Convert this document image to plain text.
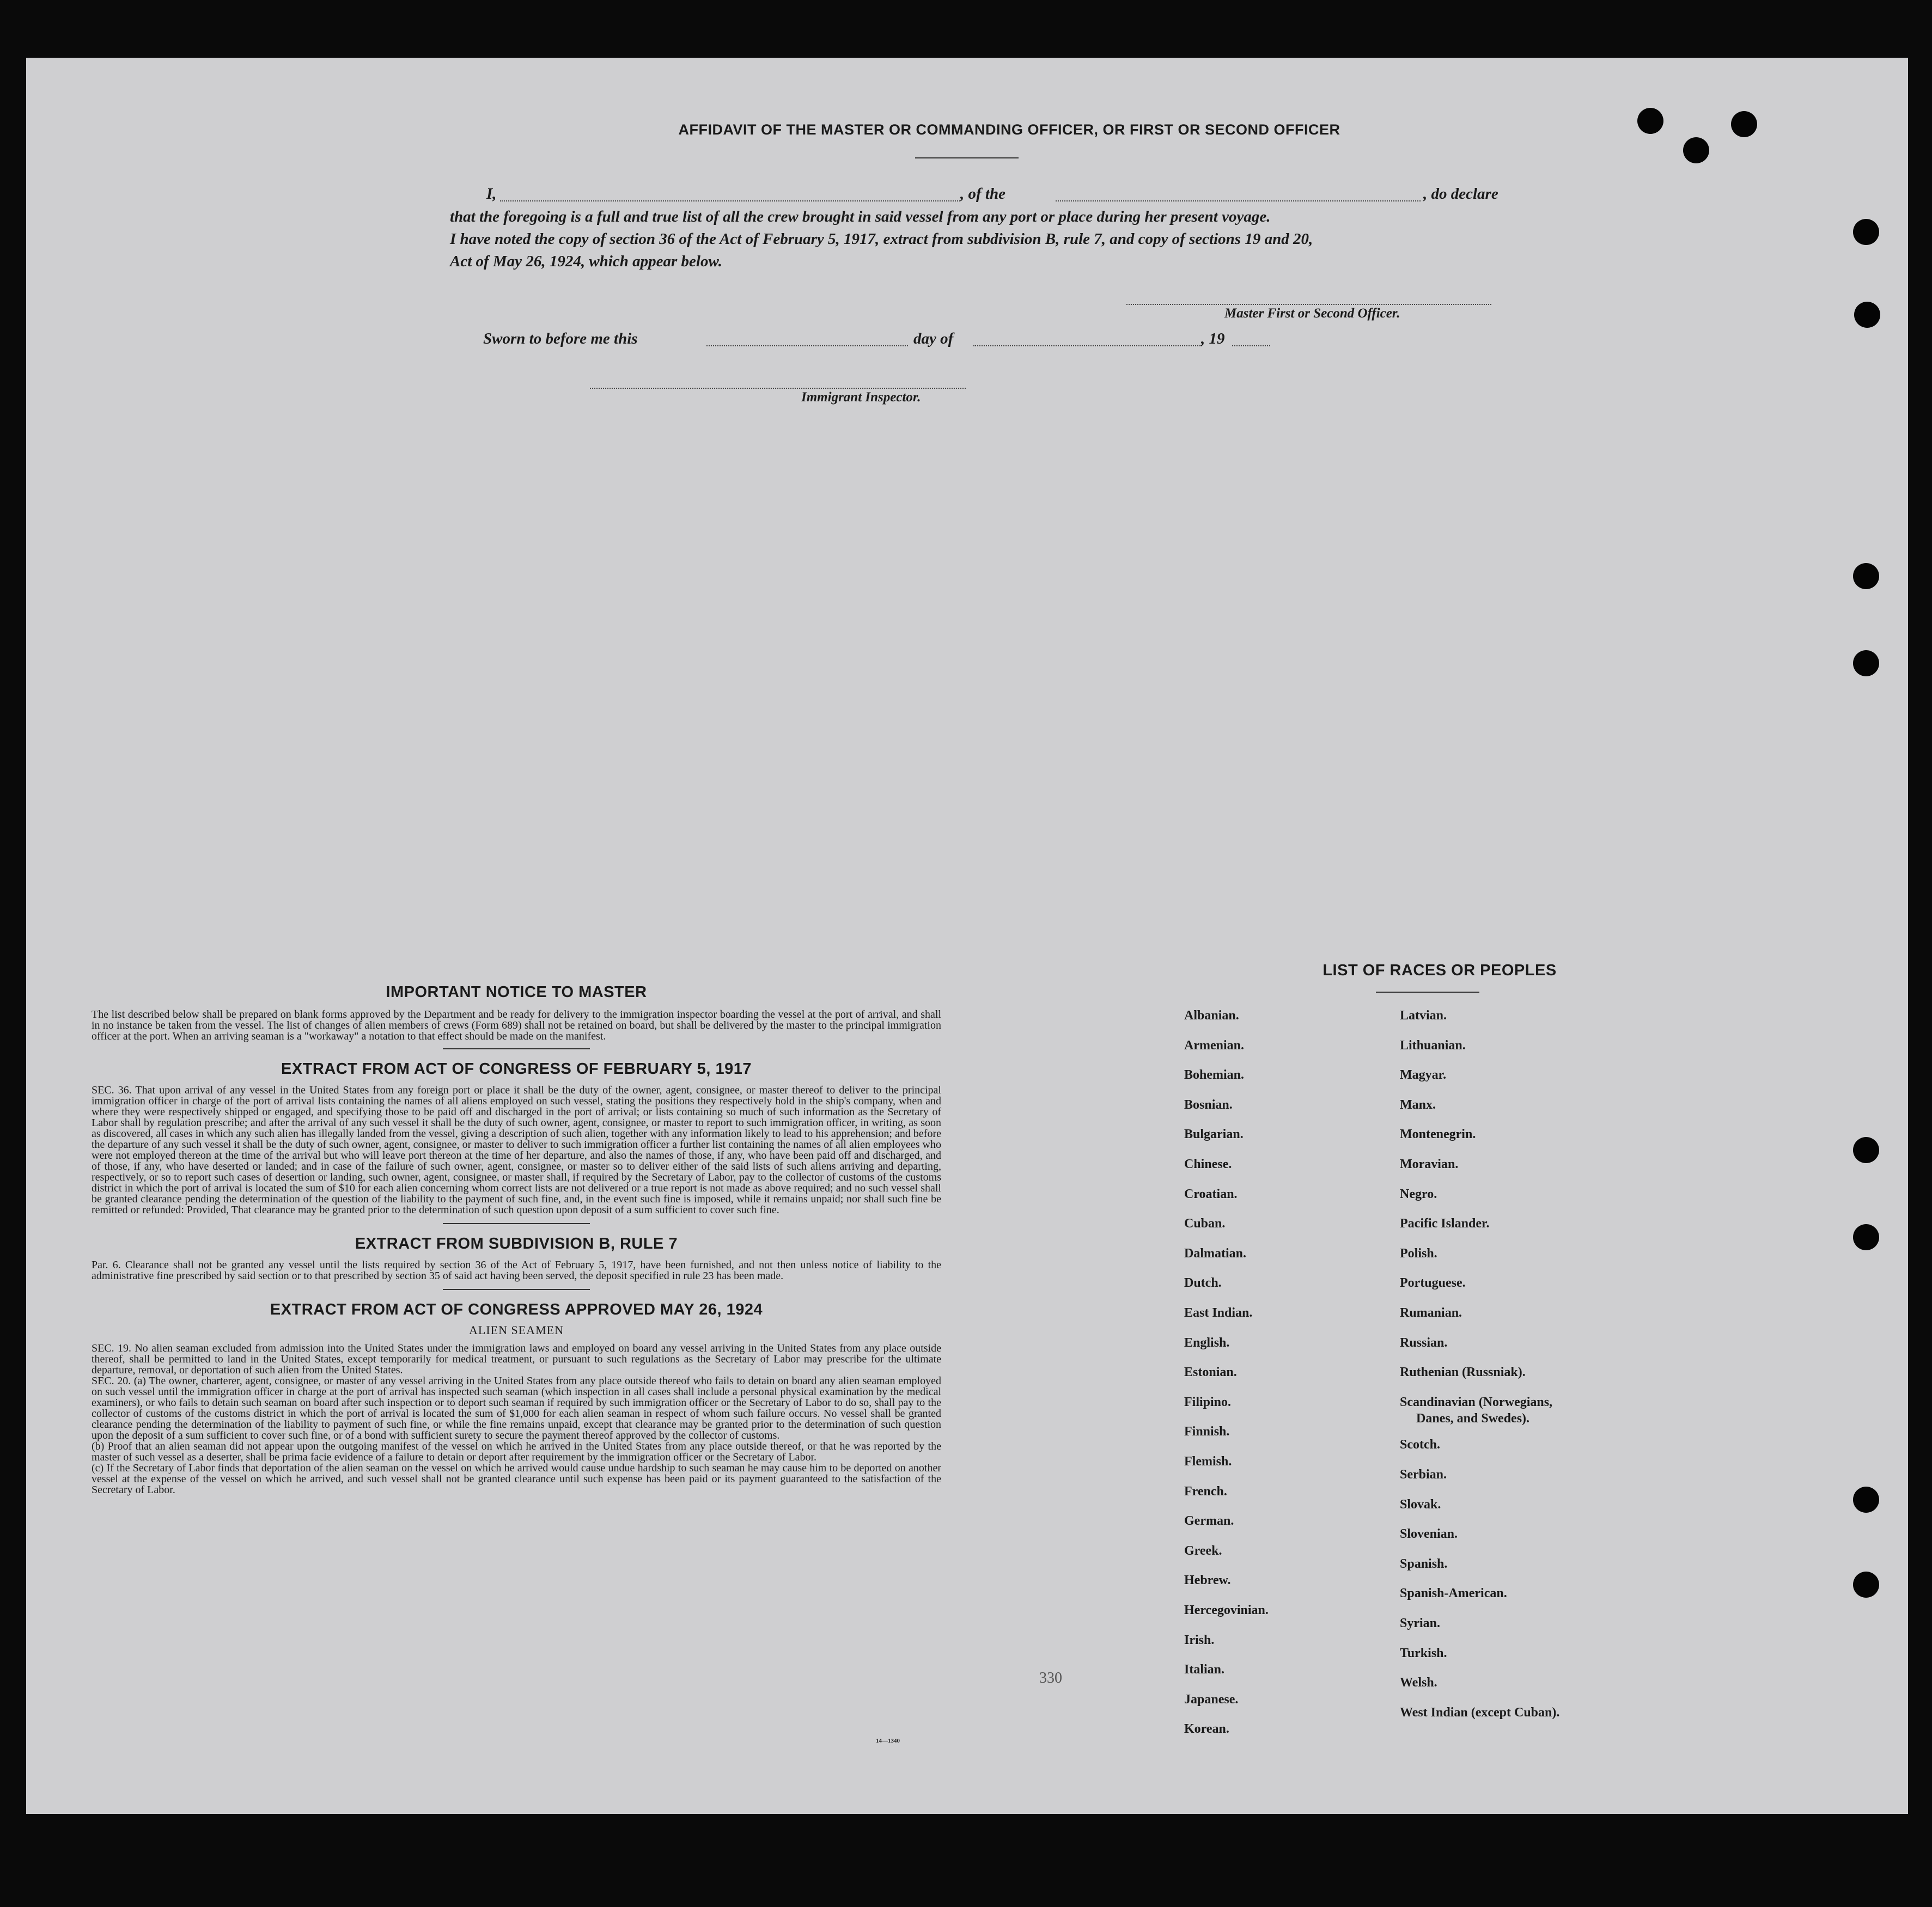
AFFIDAVIT OF THE MASTER OR COMMANDING OFFICER, OR FIRST OR SECOND OFFICER
I,	, of the	, do declare
that the foregoing is a full and true list of all the crew brought in said vessel from any port or place during her present voyage.
I have noted the copy of section 36 of the Act of February 5, 1917, extract from subdivision B, rule 7, and copy of sections 19 and 20,
Act of May 26, 1924, which appear below.
Master First or Second Officer.
Sworn to before me this	day of	, 19
Immigrant Inspector.
IMPORTANT NOTICE TO MASTER

The list described below shall be prepared on blank forms approved by the Department and be ready for delivery to the immigration inspector boarding the vessel at the port of arrival, and shall in no instance be taken from the vessel. The list of changes of alien members of crews (Form 689) shall not be retained on board, but shall be delivered by the master to the principal immigration officer at the port. When an arriving seaman is a "workaway" a notation to that effect should be made on the manifest.

EXTRACT FROM ACT OF CONGRESS OF FEBRUARY 5, 1917

SEC. 36. That upon arrival of any vessel in the United States from any foreign port or place it shall be the duty of the owner, agent, consignee, or master thereof to deliver to the principal immigration officer in charge of the port of arrival lists containing the names of all aliens employed on such vessel, stating the positions they respectively hold in the ship's company, when and where they were respectively shipped or engaged, and specifying those to be paid off and discharged in the port of arrival; or lists containing so much of such information as the Secretary of Labor shall by regulation prescribe; and after the arrival of any such vessel it shall be the duty of such owner, agent, consignee, or master to report to such immigration officer, in writing, as soon as discovered, all cases in which any such alien has illegally landed from the vessel, giving a description of such alien, together with any information likely to lead to his apprehension; and before the departure of any such vessel it shall be the duty of such owner, agent, consignee, or master to deliver to such immigration officer a further list containing the names of all alien employees who were not employed thereon at the time of the arrival but who will leave port thereon at the time of her departure, and also the names of those, if any, who have been paid off and discharged, and of those, if any, who have deserted or landed; and in case of the failure of such owner, agent, consignee, or master so to deliver either of the said lists of such aliens arriving and departing, respectively, or so to report such cases of desertion or landing, such owner, agent, consignee, or master shall, if required by the Secretary of Labor, pay to the collector of customs of the customs district in which the port of arrival is located the sum of $10 for each alien concerning whom correct lists are not delivered or a true report is not made as above required; and no such vessel shall be granted clearance pending the determination of the question of the liability to the payment of such fine, and, in the event such fine is imposed, while it remains unpaid; nor shall such fine be remitted or refunded: Provided, That clearance may be granted prior to the determination of such question upon deposit of a sum sufficient to cover such fine.

EXTRACT FROM SUBDIVISION B, RULE 7

Par. 6. Clearance shall not be granted any vessel until the lists required by section 36 of the Act of February 5, 1917, have been furnished, and not then unless notice of liability to the administrative fine prescribed by said section or to that prescribed by section 35 of said act having been served, the deposit specified in rule 23 has been made.

EXTRACT FROM ACT OF CONGRESS APPROVED MAY 26, 1924
ALIEN SEAMEN

SEC. 19. No alien seaman excluded from admission into the United States under the immigration laws and employed on board any vessel arriving in the United States from any place outside thereof, shall be permitted to land in the United States, except temporarily for medical treatment, or pursuant to such regulations as the Secretary of Labor may prescribe for the ultimate departure, removal, or deportation of such alien from the United States.

SEC. 20. (a) The owner, charterer, agent, consignee, or master of any vessel arriving in the United States from any place outside thereof who fails to detain on board any alien seaman employed on such vessel until the immigration officer in charge at the port of arrival has inspected such seaman (which inspection in all cases shall include a personal physical examination by the medical examiners), or who fails to detain such seaman on board after such inspection or to deport such seaman if required by such immigration officer or the Secretary of Labor to do so, shall pay to the collector of customs of the customs district in which the port of arrival is located the sum of $1,000 for each alien seaman in respect of whom such failure occurs. No vessel shall be granted clearance pending the determination of the liability to payment of such fine, or while the fine remains unpaid, except that clearance may be granted prior to the determination of such question upon the deposit of a sum sufficient to cover such fine, or of a bond with sufficient surety to secure the payment thereof approved by the collector of customs.

(b) Proof that an alien seaman did not appear upon the outgoing manifest of the vessel on which he arrived in the United States from any place outside thereof, or that he was reported by the master of such vessel as a deserter, shall be prima facie evidence of a failure to detain or deport after requirement by the immigration officer or the Secretary of Labor.

(c) If the Secretary of Labor finds that deportation of the alien seaman on the vessel on which he arrived would cause undue hardship to such seaman he may cause him to be deported on another vessel at the expense of the vessel on which he arrived, and such vessel shall not be granted clearance until such expense has been paid or its payment guaranteed to the satisfaction of the Secretary of Labor.

14—1340
330
LIST OF RACES OR PEOPLES
Albanian.
Armenian.
Bohemian.
Bosnian.
Bulgarian.
Chinese.
Croatian.
Cuban.
Dalmatian.
Dutch.
East Indian.
English.
Estonian.
Filipino.
Finnish.
Flemish.
French.
German.
Greek.
Hebrew.
Hercegovinian.
Irish.
Italian.
Japanese.
Korean.
Latvian.
Lithuanian.
Magyar.
Manx.
Montenegrin.
Moravian.
Negro.
Pacific Islander.
Polish.
Portuguese.
Rumanian.
Russian.
Ruthenian (Russniak).
Scandinavian (Norwegians,
Danes, and Swedes).
Scotch.
Serbian.
Slovak.
Slovenian.
Spanish.
Spanish-American.
Syrian.
Turkish.
Welsh.
West Indian (except Cuban).
